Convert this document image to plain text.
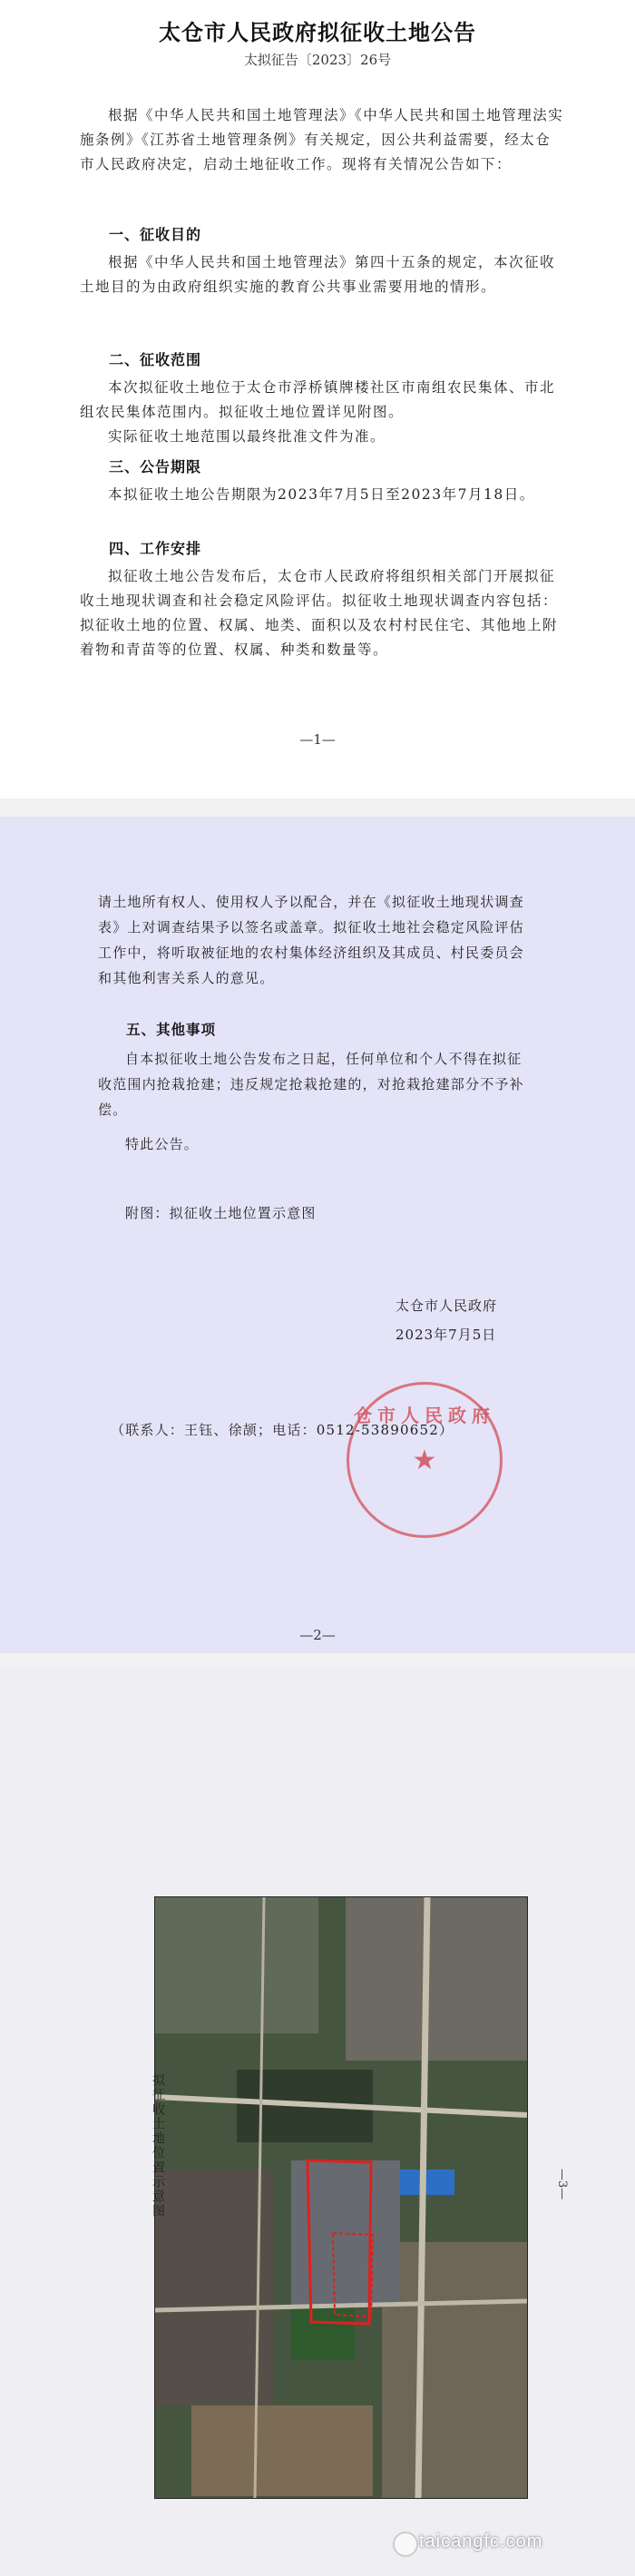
太仓市人民政府拟征收土地公告
太拟征告〔2023〕26号
根据《中华人民共和国土地管理法》《中华人民共和国土地管理法实施条例》《江苏省土地管理条例》有关规定，因公共利益需要，经太仓市人民政府决定，启动土地征收工作。现将有关情况公告如下：
一、征收目的
根据《中华人民共和国土地管理法》第四十五条的规定，本次征收土地目的为由政府组织实施的教育公共事业需要用地的情形。
二、征收范围
本次拟征收土地位于太仓市浮桥镇牌楼社区市南组农民集体、市北组农民集体范围内。拟征收土地位置详见附图。
实际征收土地范围以最终批准文件为准。
三、公告期限
本拟征收土地公告期限为2023年7月5日至2023年7月18日。
四、工作安排
拟征收土地公告发布后，太仓市人民政府将组织相关部门开展拟征收土地现状调查和社会稳定风险评估。拟征收土地现状调查内容包括：拟征收土地的位置、权属、地类、面积以及农村村民住宅、其他地上附着物和青苗等的位置、权属、种类和数量等。
—1—
请土地所有权人、使用权人予以配合，并在《拟征收土地现状调查表》上对调查结果予以签名或盖章。拟征收土地社会稳定风险评估工作中，将听取被征地的农村集体经济组织及其成员、村民委员会和其他利害关系人的意见。
五、其他事项
自本拟征收土地公告发布之日起，任何单位和个人不得在拟征收范围内抢栽抢建；违反规定抢栽抢建的，对抢栽抢建部分不予补偿。
特此公告。
附图：拟征收土地位置示意图
仓市人民政府
★
太仓市人民政府
2023年7月5日
（联系人：王钰、徐颉；电话：0512-53890652）
—2—
拟征收土地位置示意图	—3—
taicangfc.com
